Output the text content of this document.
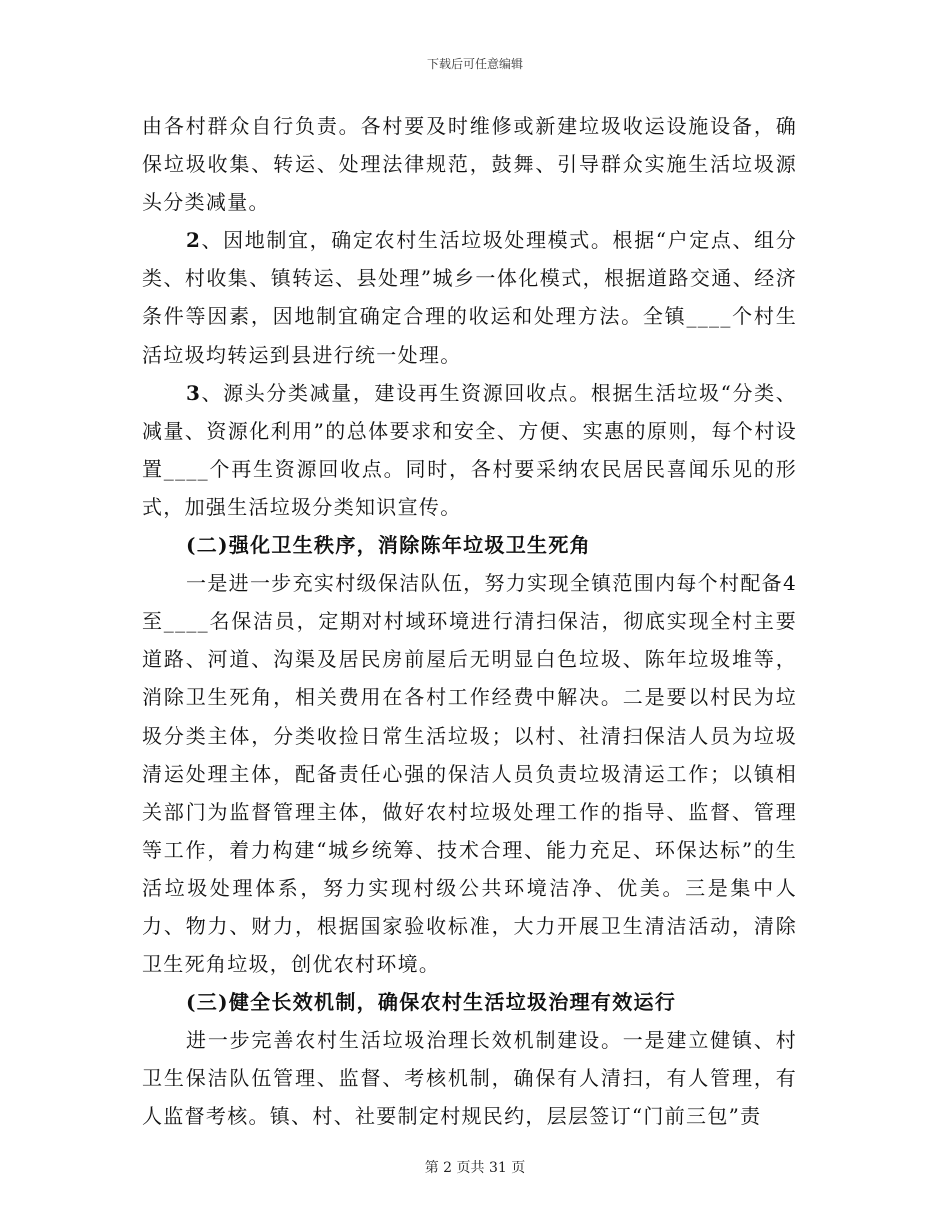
下载后可任意编辑

由各村群众自行负责。各村要及时维修或新建垃圾收运设施设备，确保垃圾收集、转运、处理法律规范，鼓舞、引导群众实施生活垃圾源头分类减量。

2、因地制宜，确定农村生活垃圾处理模式。根据“户定点、组分类、村收集、镇转运、县处理”城乡一体化模式，根据道路交通、经济条件等因素，因地制宜确定合理的收运和处理方法。全镇____个村生活垃圾均转运到县进行统一处理。

3、源头分类减量，建设再生资源回收点。根据生活垃圾“分类、减量、资源化利用”的总体要求和安全、方便、实惠的原则，每个村设置____个再生资源回收点。同时，各村要采纳农民居民喜闻乐见的形式，加强生活垃圾分类知识宣传。

(二)强化卫生秩序，消除陈年垃圾卫生死角

一是进一步充实村级保洁队伍，努力实现全镇范围内每个村配备4至____名保洁员，定期对村域环境进行清扫保洁，彻底实现全村主要道路、河道、沟渠及居民房前屋后无明显白色垃圾、陈年垃圾堆等，消除卫生死角，相关费用在各村工作经费中解决。二是要以村民为垃圾分类主体，分类收捡日常生活垃圾；以村、社清扫保洁人员为垃圾清运处理主体，配备责任心强的保洁人员负责垃圾清运工作；以镇相关部门为监督管理主体，做好农村垃圾处理工作的指导、监督、管理等工作，着力构建“城乡统筹、技术合理、能力充足、环保达标”的生活垃圾处理体系，努力实现村级公共环境洁净、优美。三是集中人力、物力、财力，根据国家验收标准，大力开展卫生清洁活动，清除卫生死角垃圾，创优农村环境。

(三)健全长效机制，确保农村生活垃圾治理有效运行

进一步完善农村生活垃圾治理长效机制建设。一是建立健镇、村卫生保洁队伍管理、监督、考核机制，确保有人清扫，有人管理，有人监督考核。镇、村、社要制定村规民约，层层签订“门前三包”责

第 2 页共 31 页
